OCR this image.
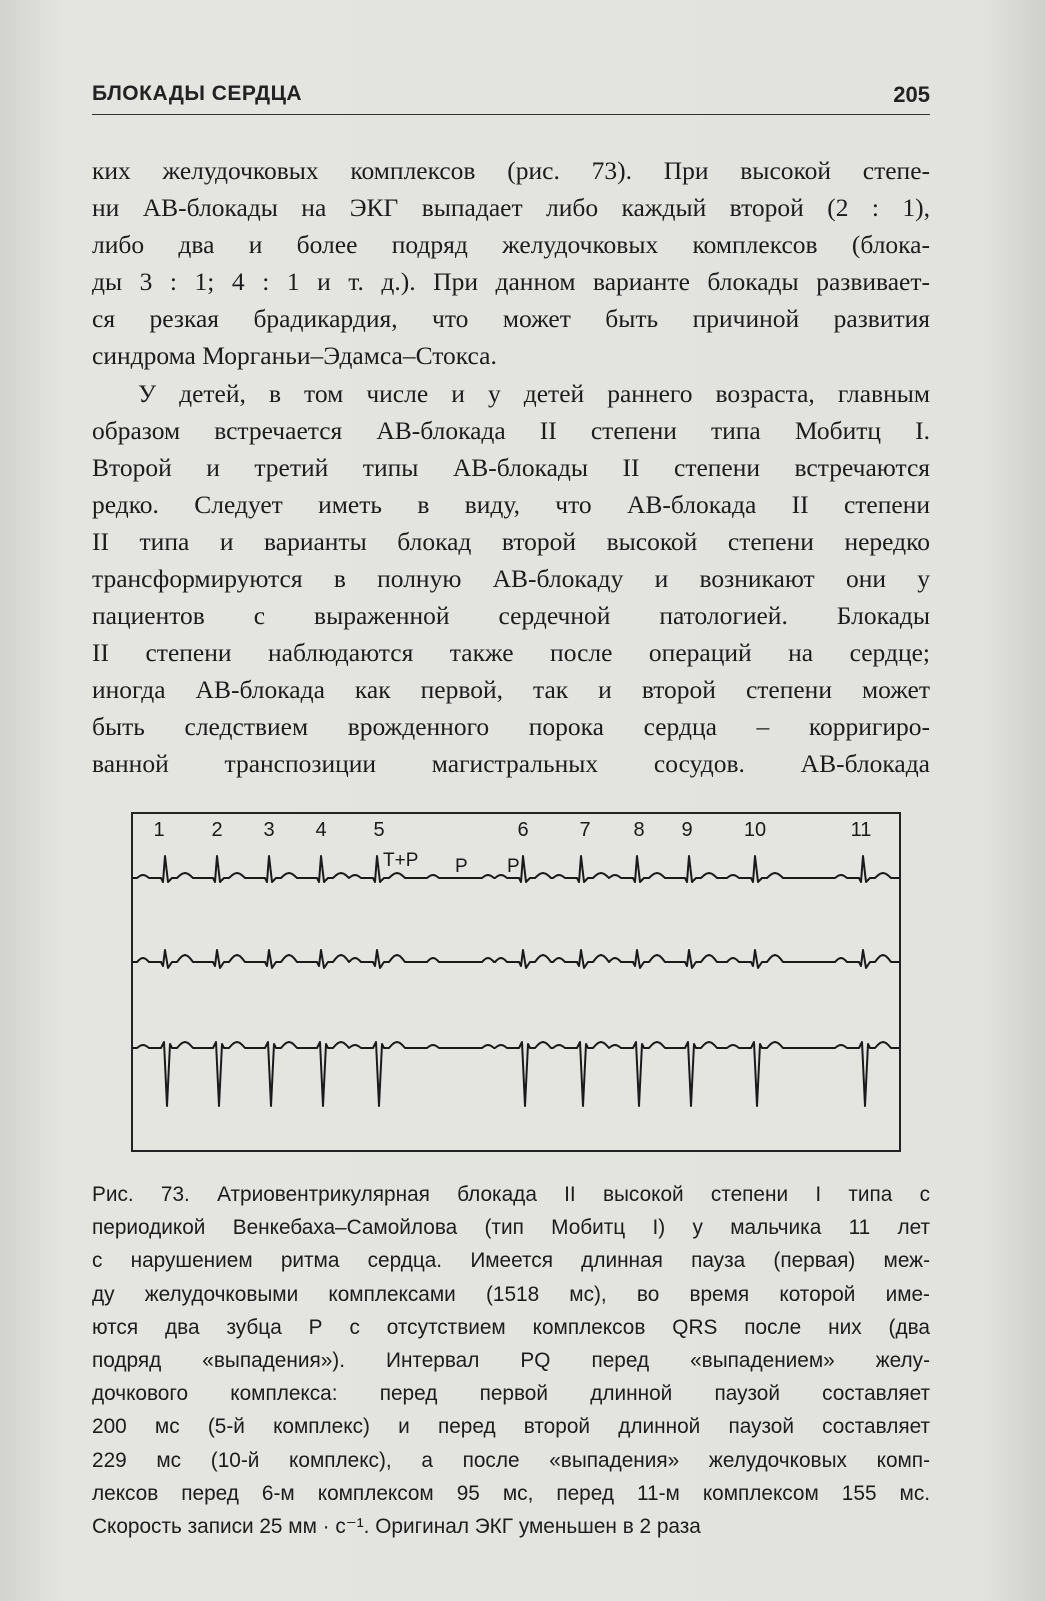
БЛОКАДЫ СЕРДЦА	205
ких желудочковых комплексов (рис. 73). При высокой степе-
ни АВ-блокады на ЭКГ выпадает либо каждый второй (2 : 1),
либо два и более подряд желудочковых комплексов (блока-
ды 3 : 1; 4 : 1 и т. д.). При данном варианте блокады развивает-
ся резкая брадикардия, что может быть причиной развития
синдрома Морганьи–Эдамса–Стокса.
У детей, в том числе и у детей раннего возраста, главным
образом встречается АВ-блокада II степени типа Мобитц I.
Второй и третий типы АВ-блокады II степени встречаются
редко. Следует иметь в виду, что АВ-блокада II степени
II типа и варианты блокад второй высокой степени нередко
трансформируются в полную АВ-блокаду и возникают они у
пациентов с выраженной сердечной патологией. Блокады
II степени наблюдаются также после операций на сердце;
иногда АВ-блокада как первой, так и второй степени может
быть следствием врожденного порока сердца – корригиро-
ванной транспозиции магистральных сосудов. АВ-блокада
1 2 3 4 5	6	7 8 9	10	11
T+P P P
Рис. 73. Атриовентрикулярная блокада II высокой степени I типа с
периодикой Венкебаха–Самойлова (тип Мобитц I) у мальчика 11 лет
с нарушением ритма сердца. Имеется длинная пауза (первая) меж-
ду желудочковыми комплексами (1518 мс), во время которой име-
ются два зубца Р с отсутствием комплексов QRS после них (два
подряд «выпадения»). Интервал PQ перед «выпадением» желу-
дочкового комплекса: перед первой длинной паузой составляет
200 мс (5-й комплекс) и перед второй длинной паузой составляет
229 мс (10-й комплекс), а после «выпадения» желудочковых комп-
лексов перед 6-м комплексом 95 мс, перед 11-м комплексом 155 мс.
Скорость записи 25 мм · с⁻¹. Оригинал ЭКГ уменьшен в 2 раза
